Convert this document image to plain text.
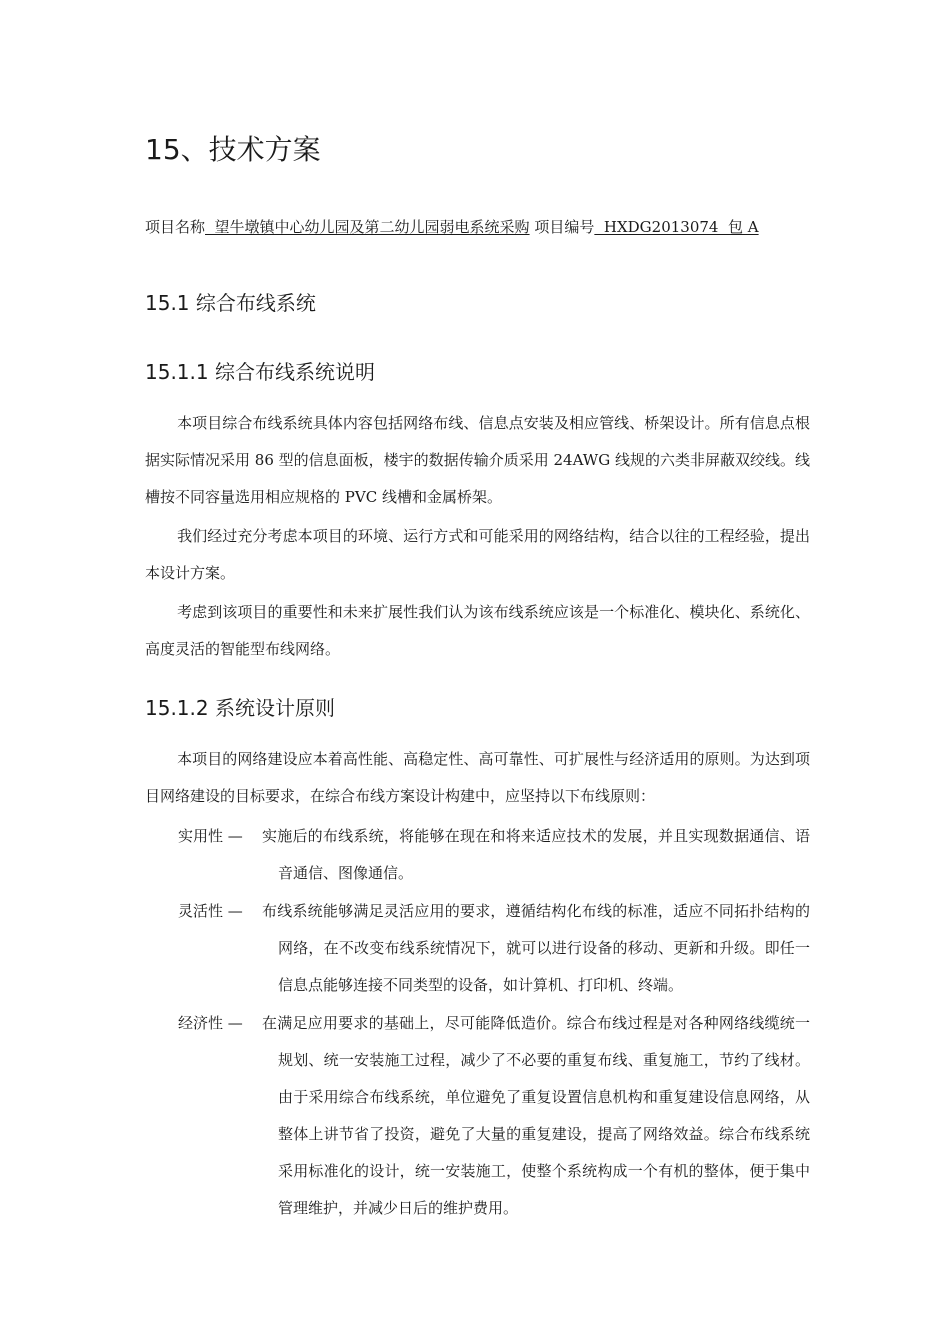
15、技术方案
项目名称  望牛墩镇中心幼儿园及第二幼儿园弱电系统采购 项目编号  HXDG2013074  包 A
15.1 综合布线系统
15.1.1 综合布线系统说明

本项目综合布线系统具体内容包括网络布线、信息点安装及相应管线、桥架设计。所有信息点根据实际情况采用 86 型的信息面板，楼宇的数据传输介质采用 24AWG 线规的六类非屏蔽双绞线。线槽按不同容量选用相应规格的 PVC 线槽和金属桥架。

我们经过充分考虑本项目的环境、运行方式和可能采用的网络结构，结合以往的工程经验，提出本设计方案。

考虑到该项目的重要性和未来扩展性我们认为该布线系统应该是一个标准化、模块化、系统化、高度灵活的智能型布线网络。

15.1.2 系统设计原则

本项目的网络建设应本着高性能、高稳定性、高可靠性、可扩展性与经济适用的原则。为达到项目网络建设的目标要求，在综合布线方案设计构建中，应坚持以下布线原则：

实用性 — 实施后的布线系统，将能够在现在和将来适应技术的发展，并且实现数据通信、语音通信、图像通信。
灵活性 — 布线系统能够满足灵活应用的要求，遵循结构化布线的标准，适应不同拓扑结构的网络，在不改变布线系统情况下，就可以进行设备的移动、更新和升级。即任一信息点能够连接不同类型的设备，如计算机、打印机、终端。
经济性 — 在满足应用要求的基础上，尽可能降低造价。综合布线过程是对各种网络线缆统一规划、统一安装施工过程，减少了不必要的重复布线、重复施工，节约了线材。由于采用综合布线系统，单位避免了重复设置信息机构和重复建设信息网络，从整体上讲节省了投资，避免了大量的重复建设，提高了网络效益。综合布线系统采用标准化的设计，统一安装施工，使整个系统构成一个有机的整体，便于集中管理维护，并减少日后的维护费用。
